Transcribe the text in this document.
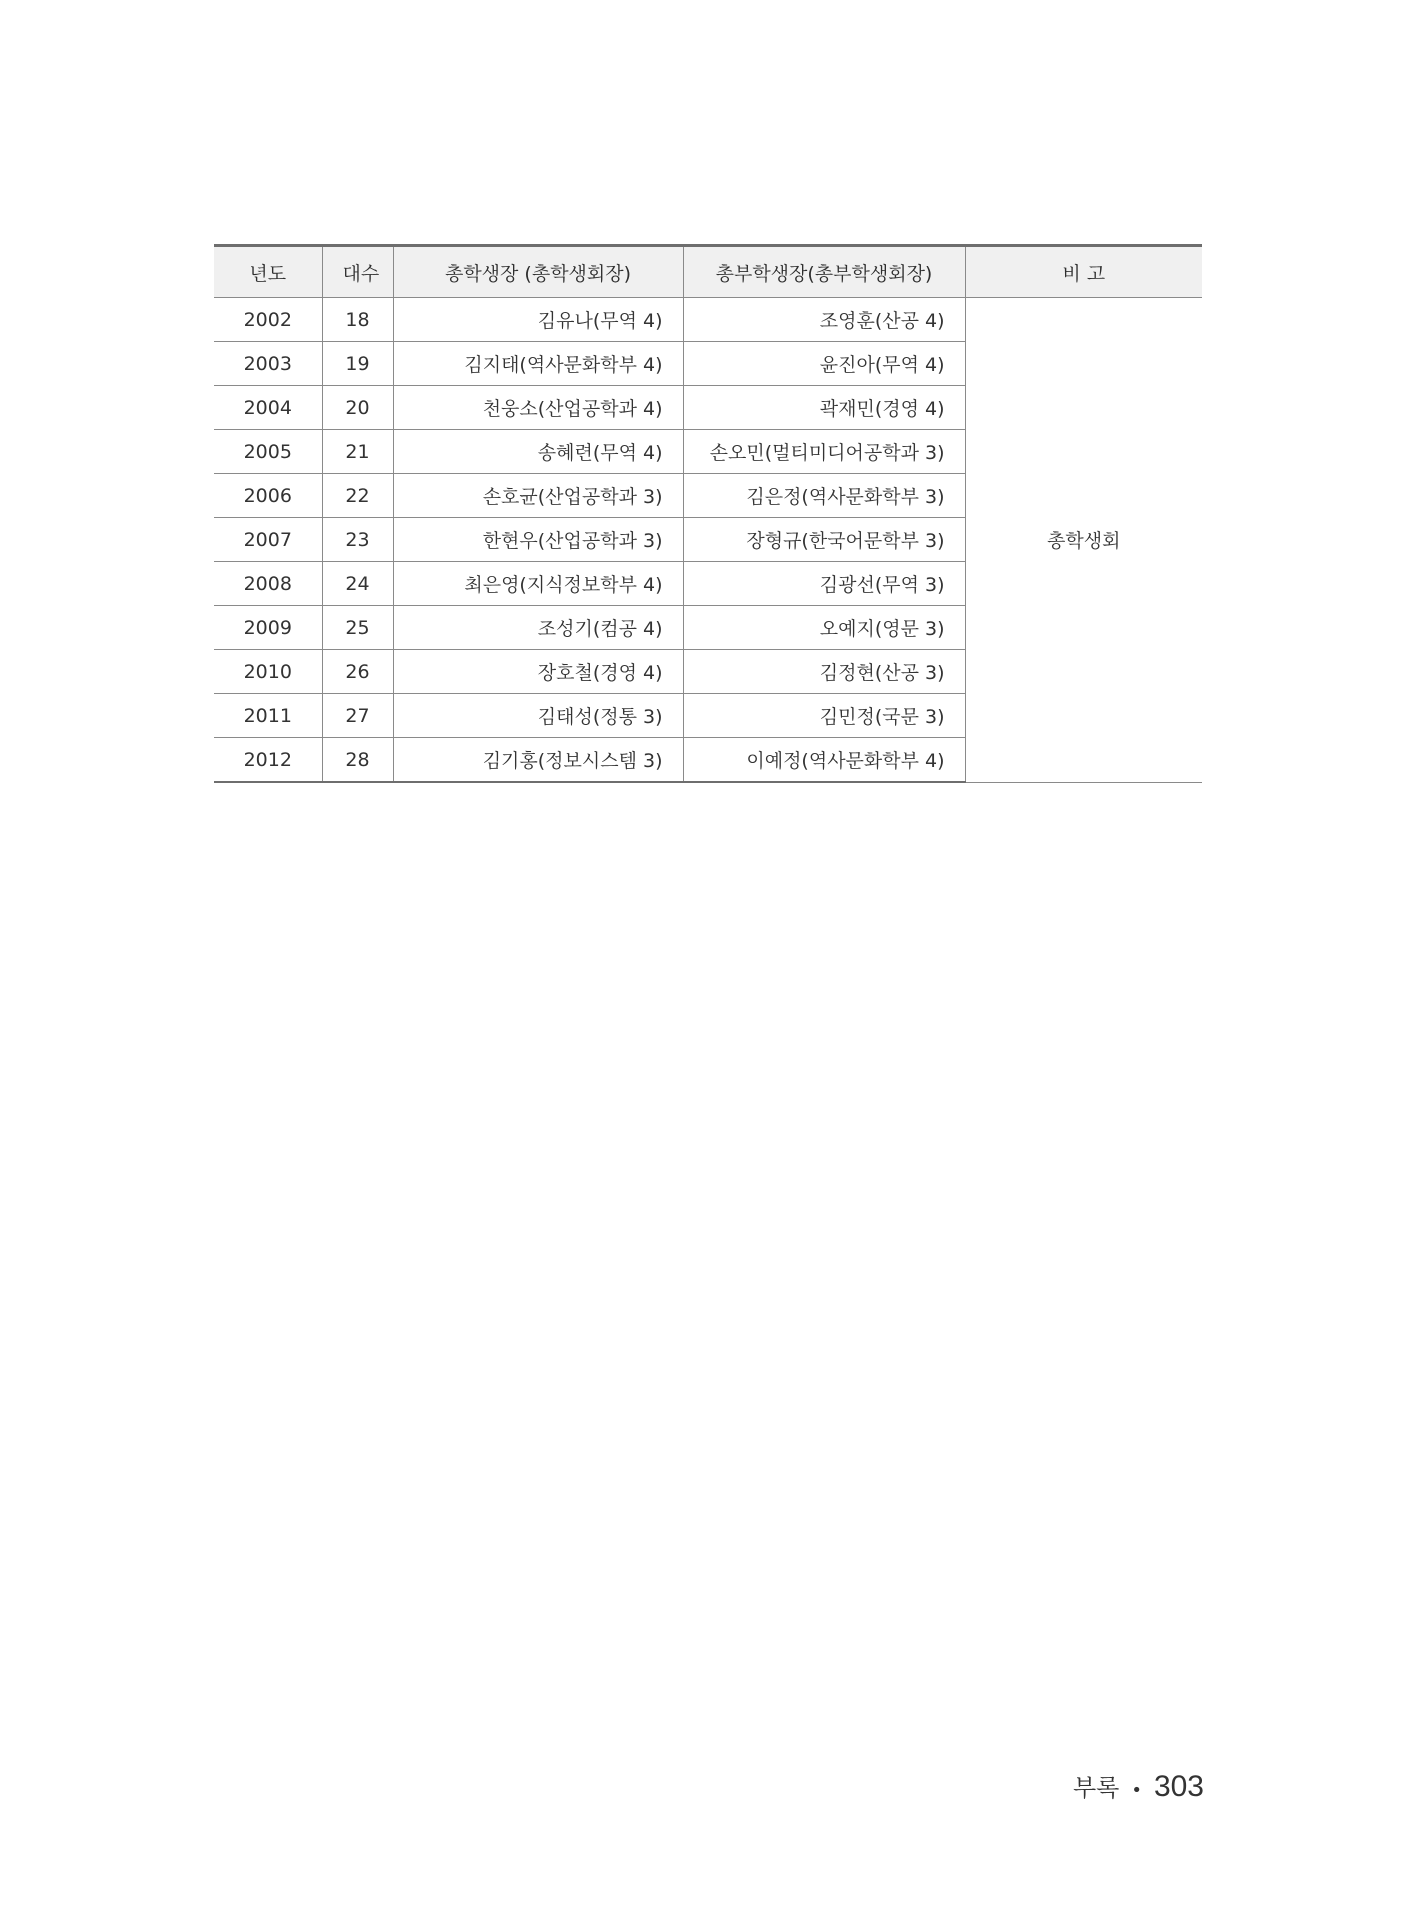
년도	대수	총학생장 (총학생회장)	총부학생장(총부학생회장)	비 고
2002	18	김유나(무역 4)	조영훈(산공 4)	총학생회
2003	19	김지태(역사문화학부 4)	윤진아(무역 4)	
2004	20	천웅소(산업공학과 4)	곽재민(경영 4)	
2005	21	송혜련(무역 4)	손오민(멀티미디어공학과 3)	
2006	22	손호균(산업공학과 3)	김은정(역사문화학부 3)	
2007	23	한현우(산업공학과 3)	장형규(한국어문학부 3)	
2008	24	최은영(지식정보학부 4)	김광선(무역 3)	
2009	25	조성기(컴공 4)	오예지(영문 3)	
2010	26	장호철(경영 4)	김정현(산공 3)	
2011	27	김태성(정통 3)	김민정(국문 3)	
2012	28	김기홍(정보시스템 3)	이예정(역사문화학부 4)	
부록 • 303
